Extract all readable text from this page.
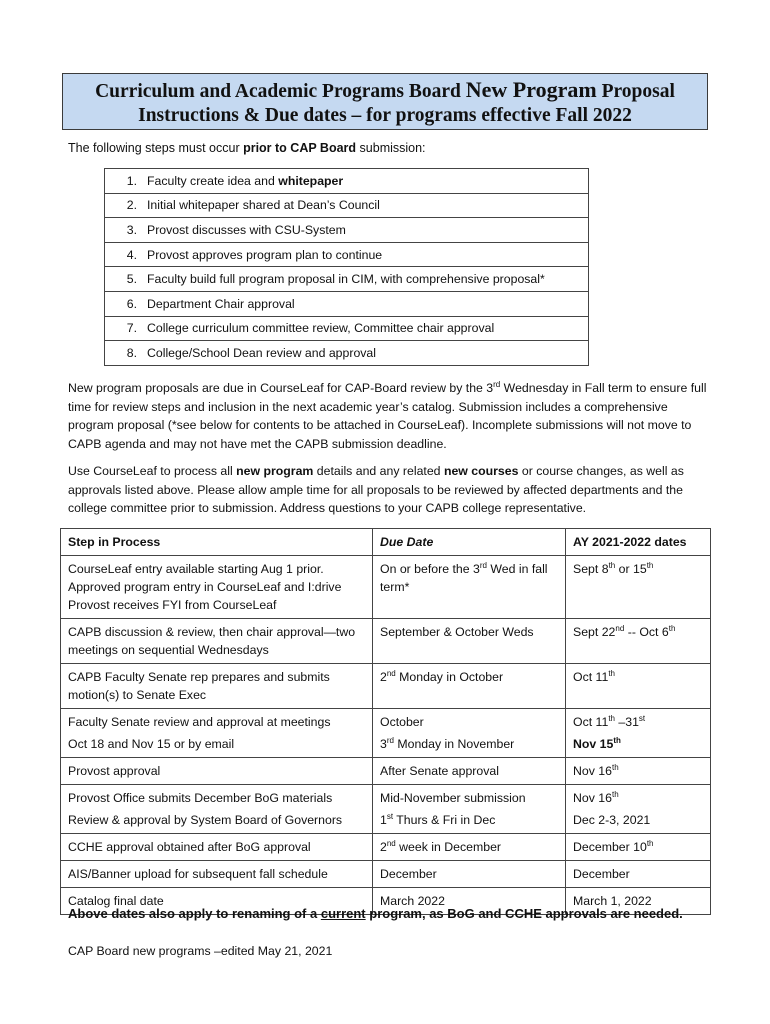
Curriculum and Academic Programs Board New Program Proposal
Instructions & Due dates – for programs effective Fall 2022
The following steps must occur prior to CAP Board submission:
1. Faculty create idea and whitepaper
2. Initial whitepaper shared at Dean’s Council
3. Provost discusses with CSU-System
4. Provost approves program plan to continue
5. Faculty build full program proposal in CIM, with comprehensive proposal*
6. Department Chair approval
7. College curriculum committee review, Committee chair approval
8. College/School Dean review and approval
New program proposals are due in CourseLeaf for CAP-Board review by the 3rd Wednesday in Fall term to ensure full time for review steps and inclusion in the next academic year’s catalog. Submission includes a comprehensive program proposal (*see below for contents to be attached in CourseLeaf). Incomplete submissions will not move to CAPB agenda and may not have met the CAPB submission deadline.
Use CourseLeaf to process all new program details and any related new courses or course changes, as well as approvals listed above. Please allow ample time for all proposals to be reviewed by affected departments and the college committee prior to submission. Address questions to your CAPB college representative.
Step in Process	Due Date	AY 2021-2022 dates

CourseLeaf entry available starting Aug 1 prior.
Approved program entry in CourseLeaf and I:drive
Provost receives FYI from CourseLeaf	On or before the 3rd Wed in fall term*	Sept 8th or 15th
CAPB discussion & review, then chair approval—two meetings on sequential Wednesdays	September & October Weds	Sept 22nd -- Oct 6th
CAPB Faculty Senate rep prepares and submits motion(s) to Senate Exec	2nd Monday in October	Oct 11th
Faculty Senate review and approval at meetings	October	Oct 11th –31st
Oct 18 and Nov 15 or by email	3rd Monday in November	Nov 15th
Provost approval	After Senate approval	Nov 16th
Provost Office submits December BoG materials	Mid-November submission	Nov 16th
Review & approval by System Board of Governors	1st Thurs & Fri in Dec	Dec 2-3, 2021
CCHE approval obtained after BoG approval	2nd week in December	December 10th
AIS/Banner upload for subsequent fall schedule	December	December
Catalog final date	March 2022	March 1, 2022
Above dates also apply to renaming of a current program, as BoG and CCHE approvals are needed.
CAP Board new programs –edited May 21, 2021
